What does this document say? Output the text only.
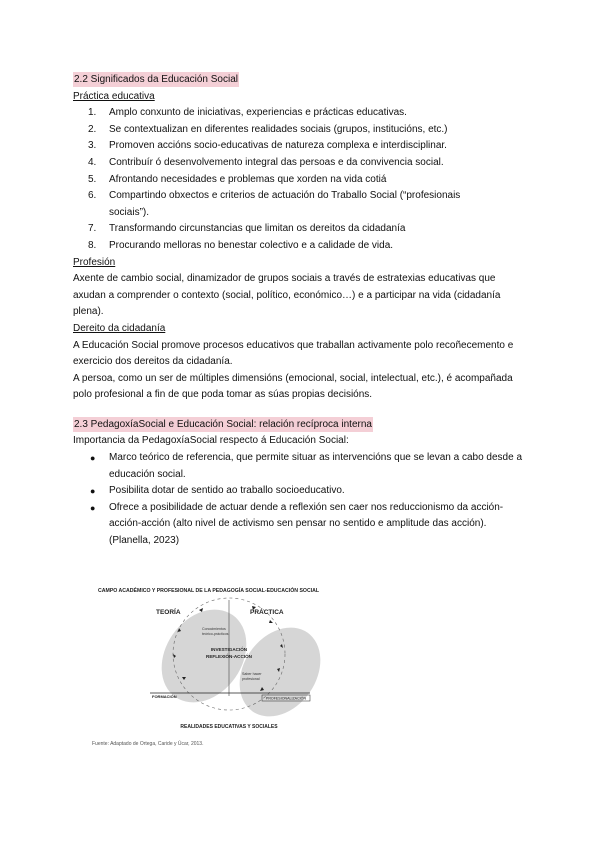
2.2 Significados da Educación Social

Práctica educativa

1. Amplo conxunto de iniciativas, experiencias e prácticas educativas.
2. Se contextualizan en diferentes realidades sociais (grupos, institucións, etc.)
3. Promoven accións socio-educativas de natureza complexa e interdisciplinar.
4. Contribuír ó desenvolvemento integral das persoas e da convivencia social.
5. Afrontando necesidades e problemas que xorden na vida cotiá
6. Compartindo obxectos e criterios de actuación do Traballo Social (“profesionais sociais”).
7. Transformando circunstancias que limitan os dereitos da cidadanía
8. Procurando melloras no benestar colectivo e a calidade de vida.

Profesión

Axente de cambio social, dinamizador de grupos sociais a través de estratexias educativas que axudan a comprender o contexto (social, político, económico…) e a participar na vida (cidadanía plena).

Dereito da cidadanía

A Educación Social promove procesos educativos que traballan activamente polo recoñecemento e exercicio dos dereitos da cidadanía.

A persoa, como un ser de múltiples dimensións (emocional, social, intelectual, etc.), é acompañada polo profesional a fin de que poda tomar as súas propias decisións.

2.3 PedagoxíaSocial e Educación Social: relación recíproca interna

Importancia da PedagoxíaSocial respecto á Educación Social:

● Marco teórico de referencia, que permite situar as intervencións que se levan a cabo desde a educación social.
● Posibilita dotar de sentido ao traballo socioeducativo.
● Ofrece a posibilidade de actuar dende a reflexión sen caer nos reduccionismo da acción-acción-acción (alto nivel de activismo sen pensar no sentido e amplitude das acción). (Planella, 2023)
CAMPO ACADÉMICO Y PROFESIONAL DE LA PEDAGOGÍA SOCIAL-EDUCACIÓN SOCIAL
TEORÍA	PRÁCTICA
Conocimientos
teórico-prácticos
INVESTIGACIÓN
REFLEXIÓN-ACCIÓN
Saber hacer
profesional
FORMACIÓN	PROFESIONALIZACIÓN
REALIDADES EDUCATIVAS Y SOCIALES
Fuente: Adaptado de Ortega, Caride y Úcar, 2013.
